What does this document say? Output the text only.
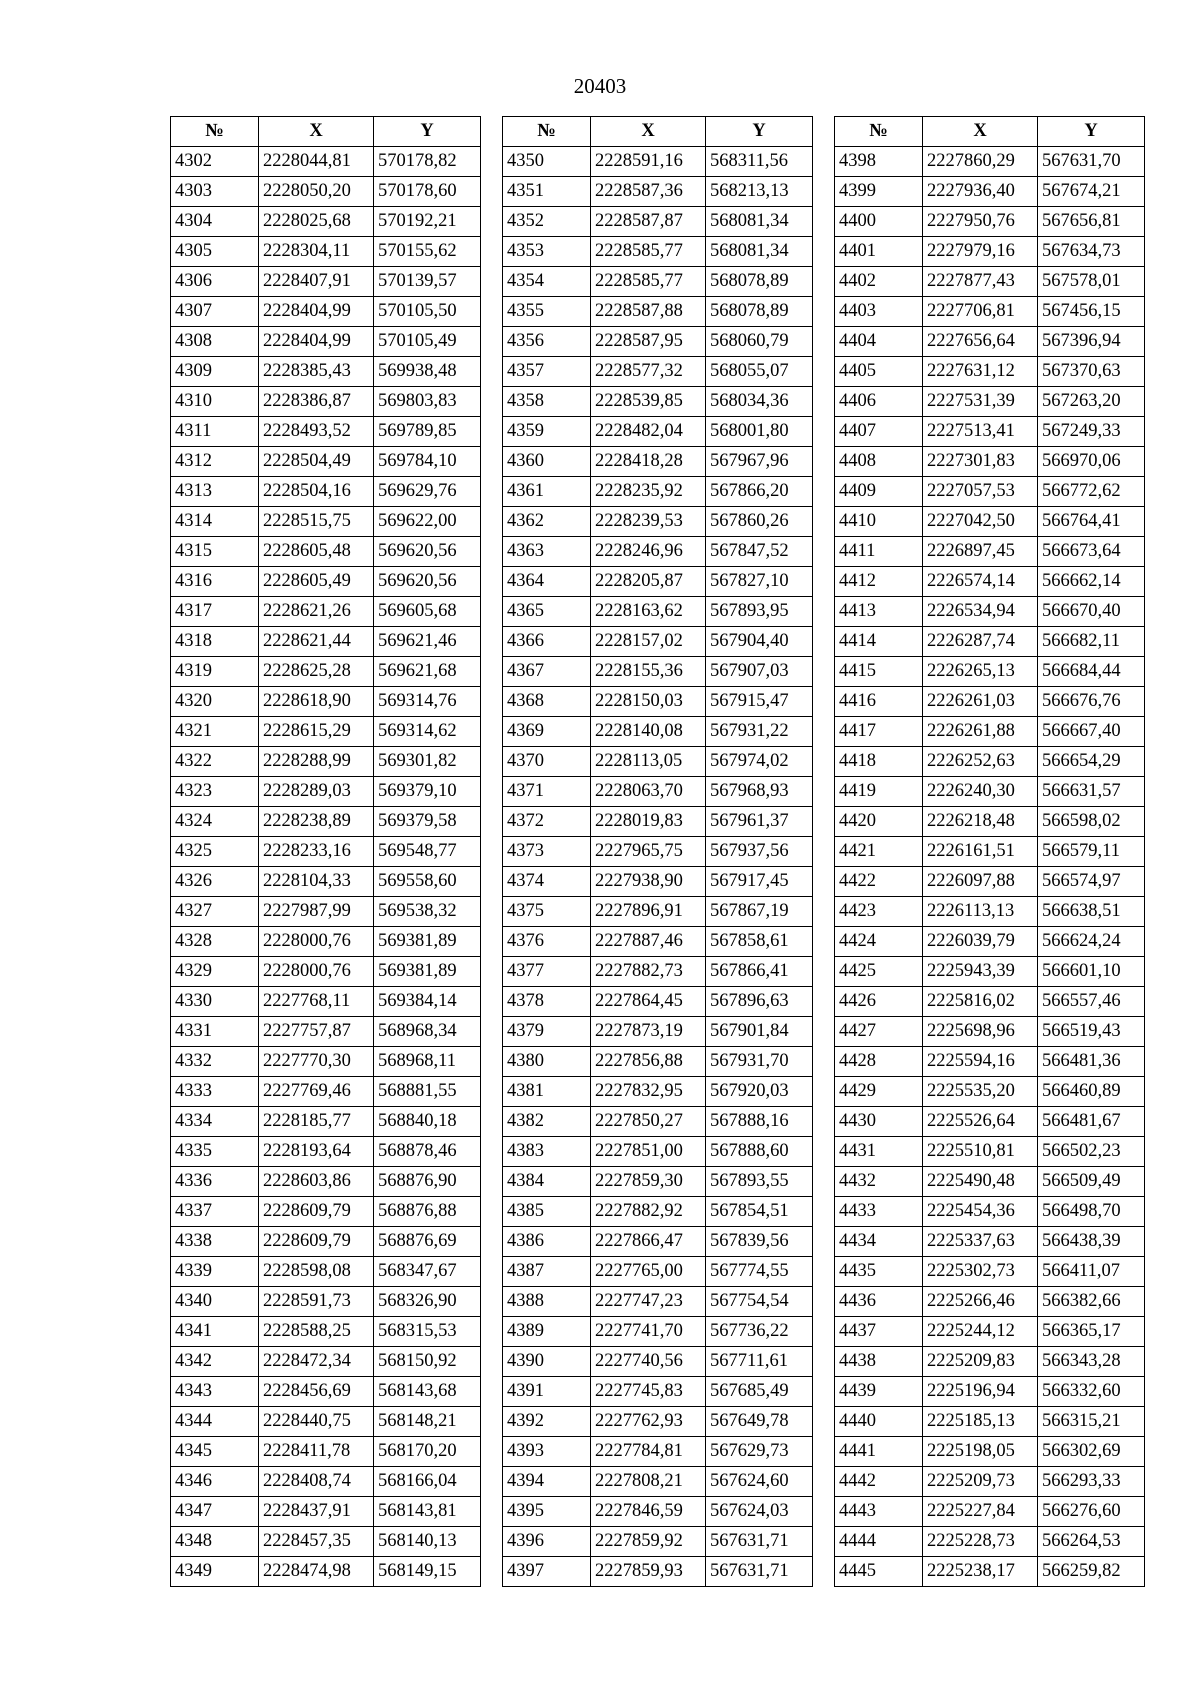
20403
№	X	Y
4302	2228044,81	570178,82
4303	2228050,20	570178,60
4304	2228025,68	570192,21
4305	2228304,11	570155,62
4306	2228407,91	570139,57
4307	2228404,99	570105,50
4308	2228404,99	570105,49
4309	2228385,43	569938,48
4310	2228386,87	569803,83
4311	2228493,52	569789,85
4312	2228504,49	569784,10
4313	2228504,16	569629,76
4314	2228515,75	569622,00
4315	2228605,48	569620,56
4316	2228605,49	569620,56
4317	2228621,26	569605,68
4318	2228621,44	569621,46
4319	2228625,28	569621,68
4320	2228618,90	569314,76
4321	2228615,29	569314,62
4322	2228288,99	569301,82
4323	2228289,03	569379,10
4324	2228238,89	569379,58
4325	2228233,16	569548,77
4326	2228104,33	569558,60
4327	2227987,99	569538,32
4328	2228000,76	569381,89
4329	2228000,76	569381,89
4330	2227768,11	569384,14
4331	2227757,87	568968,34
4332	2227770,30	568968,11
4333	2227769,46	568881,55
4334	2228185,77	568840,18
4335	2228193,64	568878,46
4336	2228603,86	568876,90
4337	2228609,79	568876,88
4338	2228609,79	568876,69
4339	2228598,08	568347,67
4340	2228591,73	568326,90
4341	2228588,25	568315,53
4342	2228472,34	568150,92
4343	2228456,69	568143,68
4344	2228440,75	568148,21
4345	2228411,78	568170,20
4346	2228408,74	568166,04
4347	2228437,91	568143,81
4348	2228457,35	568140,13
4349	2228474,98	568149,15
№	X	Y
4350	2228591,16	568311,56
4351	2228587,36	568213,13
4352	2228587,87	568081,34
4353	2228585,77	568081,34
4354	2228585,77	568078,89
4355	2228587,88	568078,89
4356	2228587,95	568060,79
4357	2228577,32	568055,07
4358	2228539,85	568034,36
4359	2228482,04	568001,80
4360	2228418,28	567967,96
4361	2228235,92	567866,20
4362	2228239,53	567860,26
4363	2228246,96	567847,52
4364	2228205,87	567827,10
4365	2228163,62	567893,95
4366	2228157,02	567904,40
4367	2228155,36	567907,03
4368	2228150,03	567915,47
4369	2228140,08	567931,22
4370	2228113,05	567974,02
4371	2228063,70	567968,93
4372	2228019,83	567961,37
4373	2227965,75	567937,56
4374	2227938,90	567917,45
4375	2227896,91	567867,19
4376	2227887,46	567858,61
4377	2227882,73	567866,41
4378	2227864,45	567896,63
4379	2227873,19	567901,84
4380	2227856,88	567931,70
4381	2227832,95	567920,03
4382	2227850,27	567888,16
4383	2227851,00	567888,60
4384	2227859,30	567893,55
4385	2227882,92	567854,51
4386	2227866,47	567839,56
4387	2227765,00	567774,55
4388	2227747,23	567754,54
4389	2227741,70	567736,22
4390	2227740,56	567711,61
4391	2227745,83	567685,49
4392	2227762,93	567649,78
4393	2227784,81	567629,73
4394	2227808,21	567624,60
4395	2227846,59	567624,03
4396	2227859,92	567631,71
4397	2227859,93	567631,71
№	X	Y
4398	2227860,29	567631,70
4399	2227936,40	567674,21
4400	2227950,76	567656,81
4401	2227979,16	567634,73
4402	2227877,43	567578,01
4403	2227706,81	567456,15
4404	2227656,64	567396,94
4405	2227631,12	567370,63
4406	2227531,39	567263,20
4407	2227513,41	567249,33
4408	2227301,83	566970,06
4409	2227057,53	566772,62
4410	2227042,50	566764,41
4411	2226897,45	566673,64
4412	2226574,14	566662,14
4413	2226534,94	566670,40
4414	2226287,74	566682,11
4415	2226265,13	566684,44
4416	2226261,03	566676,76
4417	2226261,88	566667,40
4418	2226252,63	566654,29
4419	2226240,30	566631,57
4420	2226218,48	566598,02
4421	2226161,51	566579,11
4422	2226097,88	566574,97
4423	2226113,13	566638,51
4424	2226039,79	566624,24
4425	2225943,39	566601,10
4426	2225816,02	566557,46
4427	2225698,96	566519,43
4428	2225594,16	566481,36
4429	2225535,20	566460,89
4430	2225526,64	566481,67
4431	2225510,81	566502,23
4432	2225490,48	566509,49
4433	2225454,36	566498,70
4434	2225337,63	566438,39
4435	2225302,73	566411,07
4436	2225266,46	566382,66
4437	2225244,12	566365,17
4438	2225209,83	566343,28
4439	2225196,94	566332,60
4440	2225185,13	566315,21
4441	2225198,05	566302,69
4442	2225209,73	566293,33
4443	2225227,84	566276,60
4444	2225228,73	566264,53
4445	2225238,17	566259,82
